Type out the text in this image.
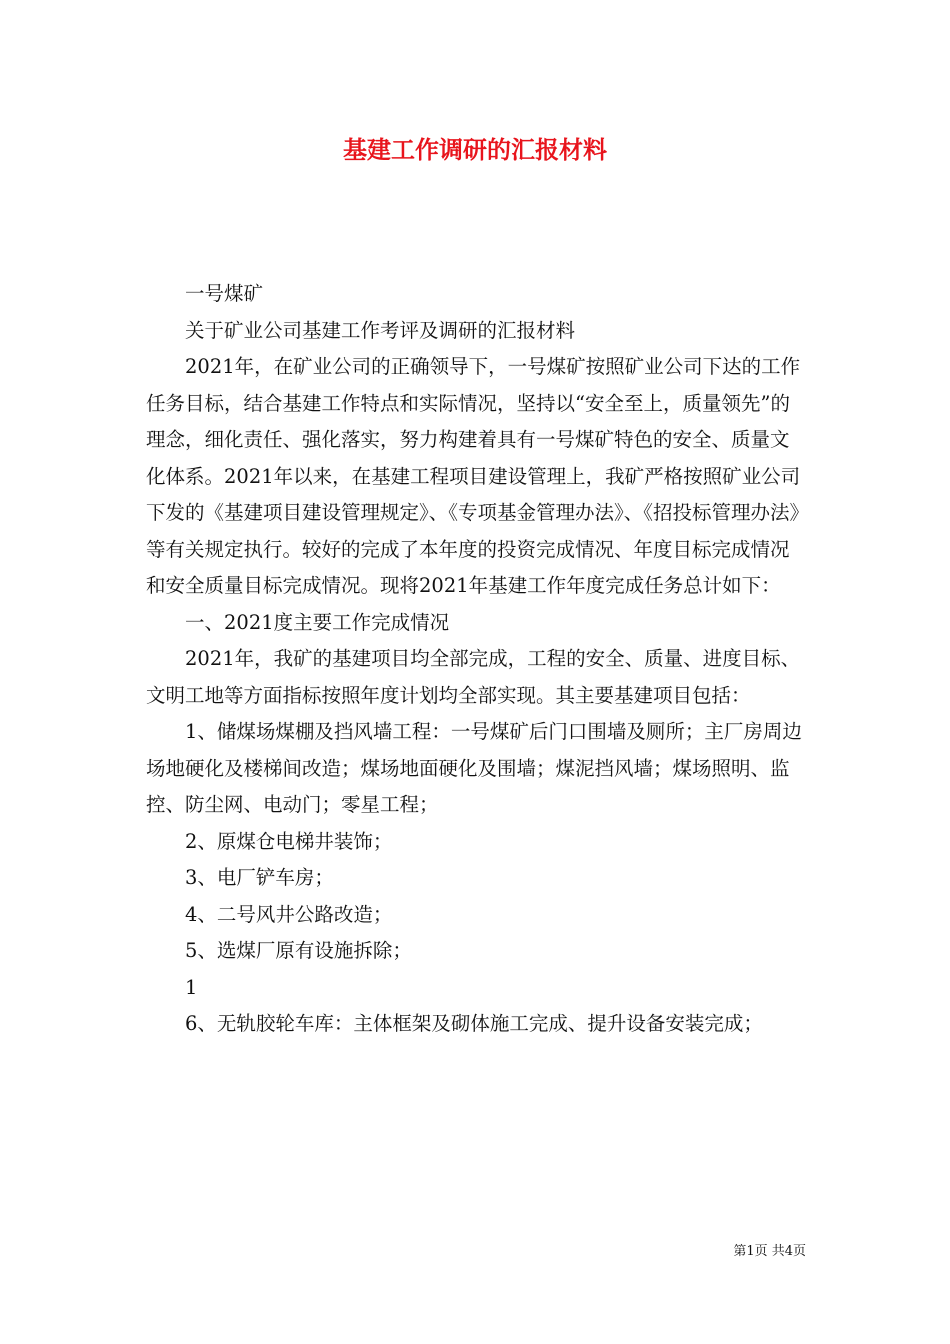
基建工作调研的汇报材料

一号煤矿

关于矿业公司基建工作考评及调研的汇报材料

2021年，在矿业公司的正确领导下，一号煤矿按照矿业公司下达的工作任务目标，结合基建工作特点和实际情况，坚持以“安全至上，质量领先”的理念，细化责任、强化落实，努力构建着具有一号煤矿特色的安全、质量文化体系。2021年以来，在基建工程项目建设管理上，我矿严格按照矿业公司下发的《基建项目建设管理规定》、《专项基金管理办法》、《招投标管理办法》等有关规定执行。较好的完成了本年度的投资完成情况、年度目标完成情况和安全质量目标完成情况。现将2021年基建工作年度完成任务总计如下：

一、2021度主要工作完成情况

2021年，我矿的基建项目均全部完成，工程的安全、质量、进度目标、文明工地等方面指标按照年度计划均全部实现。其主要基建项目包括：

1、储煤场煤棚及挡风墙工程：一号煤矿后门口围墙及厕所；主厂房周边场地硬化及楼梯间改造；煤场地面硬化及围墙；煤泥挡风墙；煤场照明、监控、防尘网、电动门；零星工程；

2、原煤仓电梯井装饰；

3、电厂铲车房；

4、二号风井公路改造；

5、选煤厂原有设施拆除；

1

6、无轨胶轮车库：主体框架及砌体施工完成、提升设备安装完成；

第1页 共4页
